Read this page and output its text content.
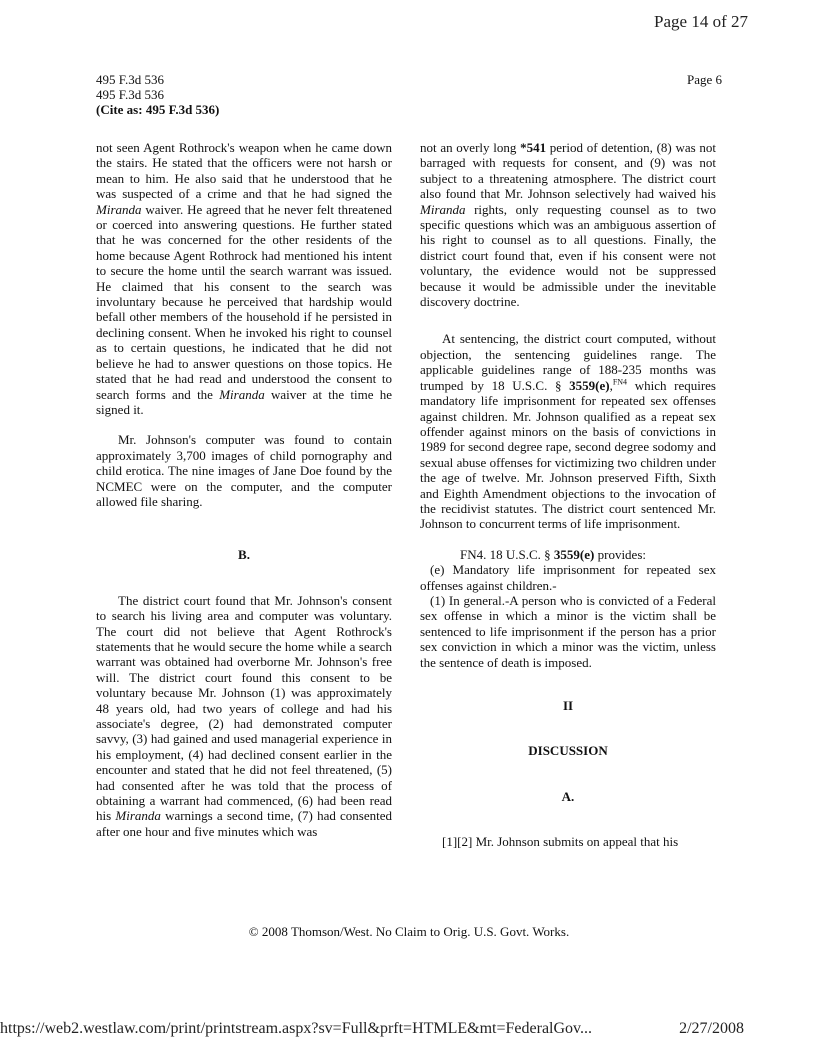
Page 14 of 27
495 F.3d 536
495 F.3d 536
(Cite as: 495 F.3d 536)
Page 6

not seen Agent Rothrock's weapon when he came down the stairs. He stated that the officers were not harsh or mean to him. He also said that he understood that he was suspected of a crime and that he had signed the Miranda waiver. He agreed that he never felt threatened or coerced into answering questions. He further stated that he was concerned for the other residents of the home because Agent Rothrock had mentioned his intent to secure the home until the search warrant was issued. He claimed that his consent to the search was involuntary because he perceived that hardship would befall other members of the household if he persisted in declining consent. When he invoked his right to counsel as to certain questions, he indicated that he did not believe he had to answer questions on those topics. He stated that he had read and understood the consent to search forms and the Miranda waiver at the time he signed it.

Mr. Johnson's computer was found to contain approximately 3,700 images of child pornography and child erotica. The nine images of Jane Doe found by the NCMEC were on the computer, and the computer allowed file sharing.

B.

The district court found that Mr. Johnson's consent to search his living area and computer was voluntary. The court did not believe that Agent Rothrock's statements that he would secure the home while a search warrant was obtained had overborne Mr. Johnson's free will. The district court found this consent to be voluntary because Mr. Johnson (1) was approximately 48 years old, had two years of college and had his associate's degree, (2) had demonstrated computer savvy, (3) had gained and used managerial experience in his employment, (4) had declined consent earlier in the encounter and stated that he did not feel threatened, (5) had consented after he was told that the process of obtaining a warrant had commenced, (6) had been read his Miranda warnings a second time, (7) had consented after one hour and five minutes which was

not an overly long *541 period of detention, (8) was not barraged with requests for consent, and (9) was not subject to a threatening atmosphere. The district court also found that Mr. Johnson selectively had waived his Miranda rights, only requesting counsel as to two specific questions which was an ambiguous assertion of his right to counsel as to all questions. Finally, the district court found that, even if his consent were not voluntary, the evidence would not be suppressed because it would be admissible under the inevitable discovery doctrine.

At sentencing, the district court computed, without objection, the sentencing guidelines range. The applicable guidelines range of 188-235 months was trumped by 18 U.S.C. § 3559(e),$^{FN4}$ which requires mandatory life imprisonment for repeated sex offenses against children. Mr. Johnson qualified as a repeat sex offender against minors on the basis of convictions in 1989 for second degree rape, second degree sodomy and sexual abuse offenses for victimizing two children under the age of twelve. Mr. Johnson preserved Fifth, Sixth and Eighth Amendment objections to the invocation of the recidivist statutes. The district court sentenced Mr. Johnson to concurrent terms of life imprisonment.

FN4. 18 U.S.C. § 3559(e) provides:

(e) Mandatory life imprisonment for repeated sex offenses against children.-

(1) In general.-A person who is convicted of a Federal sex offense in which a minor is the victim shall be sentenced to life imprisonment if the person has a prior sex conviction in which a minor was the victim, unless the sentence of death is imposed.

II

DISCUSSION

A.

[1][2] Mr. Johnson submits on appeal that his

© 2008 Thomson/West. No Claim to Orig. U.S. Govt. Works.
https://web2.westlaw.com/print/printstream.aspx?sv=Full&prft=HTMLE&mt=FederalGov...	2/27/2008
